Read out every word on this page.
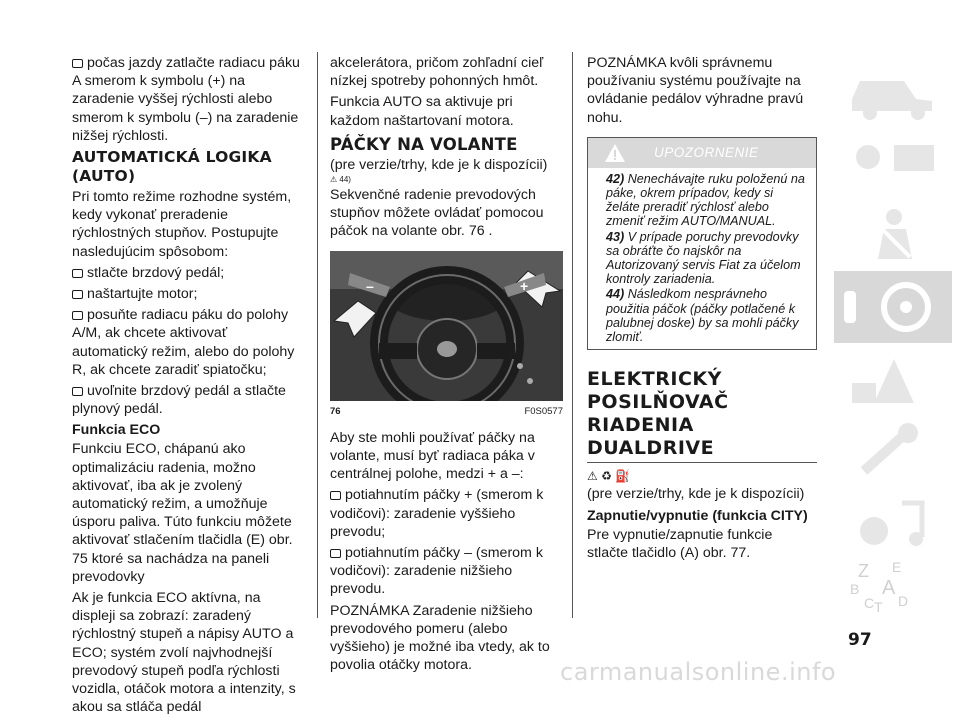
počas jazdy zatlačte radiacu páku A smerom k symbolu (+) na zaradenie vyššej rýchlosti alebo smerom k symbolu (–) na zaradenie nižšej rýchlosti.

AUTOMATICKÁ LOGIKA (AUTO)

Pri tomto režime rozhodne systém, kedy vykonať preradenie rýchlostných stupňov. Postupujte nasledujúcim spôsobom:

stlačte brzdový pedál;

naštartujte motor;

posuňte radiacu páku do polohy A/M, ak chcete aktivovať automatický režim, alebo do polohy R, ak chcete zaradiť spiatočku;

uvoľnite brzdový pedál a stlačte plynový pedál.

Funkcia ECO

Funkciu ECO, chápanú ako optimalizáciu radenia, možno aktivovať, iba ak je zvolený automatický režim, a umožňuje úsporu paliva. Túto funkciu môžete aktivovať stlačením tlačidla (E) obr. 75 ktoré sa nachádza na paneli prevodovky

Ak je funkcia ECO aktívna, na displeji sa zobrazí: zaradený rýchlostný stupeň a nápisy AUTO a ECO; systém zvolí najvhodnejší prevodový stupeň podľa rýchlosti vozidla, otáčok motora a intenzity, s akou sa stláča pedál

akcelerátora, pričom zohľadní cieľ nízkej spotreby pohonných hmôt.

Funkcia AUTO sa aktivuje pri každom naštartovaní motora.

PÁČKY NA VOLANTE

(pre verzie/trhy, kde je k dispozícii)

⚠ 44)

Sekvenčné radenie prevodových stupňov môžete ovládať pomocou páčok na volante obr. 76 .

–	+
76	F0S0577

Aby ste mohli používať páčky na volante, musí byť radiaca páka v centrálnej polohe, medzi + a –:

potiahnutím páčky + (smerom k vodičovi): zaradenie vyššieho prevodu;

potiahnutím páčky – (smerom k vodičovi): zaradenie nižšieho prevodu.

POZNÁMKA Zaradenie nižšieho prevodového pomeru (alebo vyššieho) je možné iba vtedy, ak to povolia otáčky motora.

POZNÁMKA kvôli správnemu používaniu systému používajte na ovládanie pedálov výhradne pravú nohu.

UPOZORNENIE

42) Nenechávajte ruku položenú na páke, okrem prípadov, kedy si želáte preradiť rýchlosť alebo zmeniť režim AUTO/MANUAL.

43) V prípade poruchy prevodovky sa obráťte čo najskôr na Autorizovaný servis Fiat za účelom kontroly zariadenia.

44) Následkom nesprávneho použitia páčok (páčky potlačené k palubnej doske) by sa mohli páčky zlomiť.

ELEKTRICKÝ
POSILŇOVAČ
RIADENIA
DUALDRIVE
⚠ ♻ ⛽

(pre verzie/trhy, kde je k dispozícii)

Zapnutie/vypnutie (funkcia CITY)

Pre vypnutie/zapnutie funkcie stlačte tlačidlo (A) obr. 77.

Z E
B A
C T D
97
carmanualsonline.info
